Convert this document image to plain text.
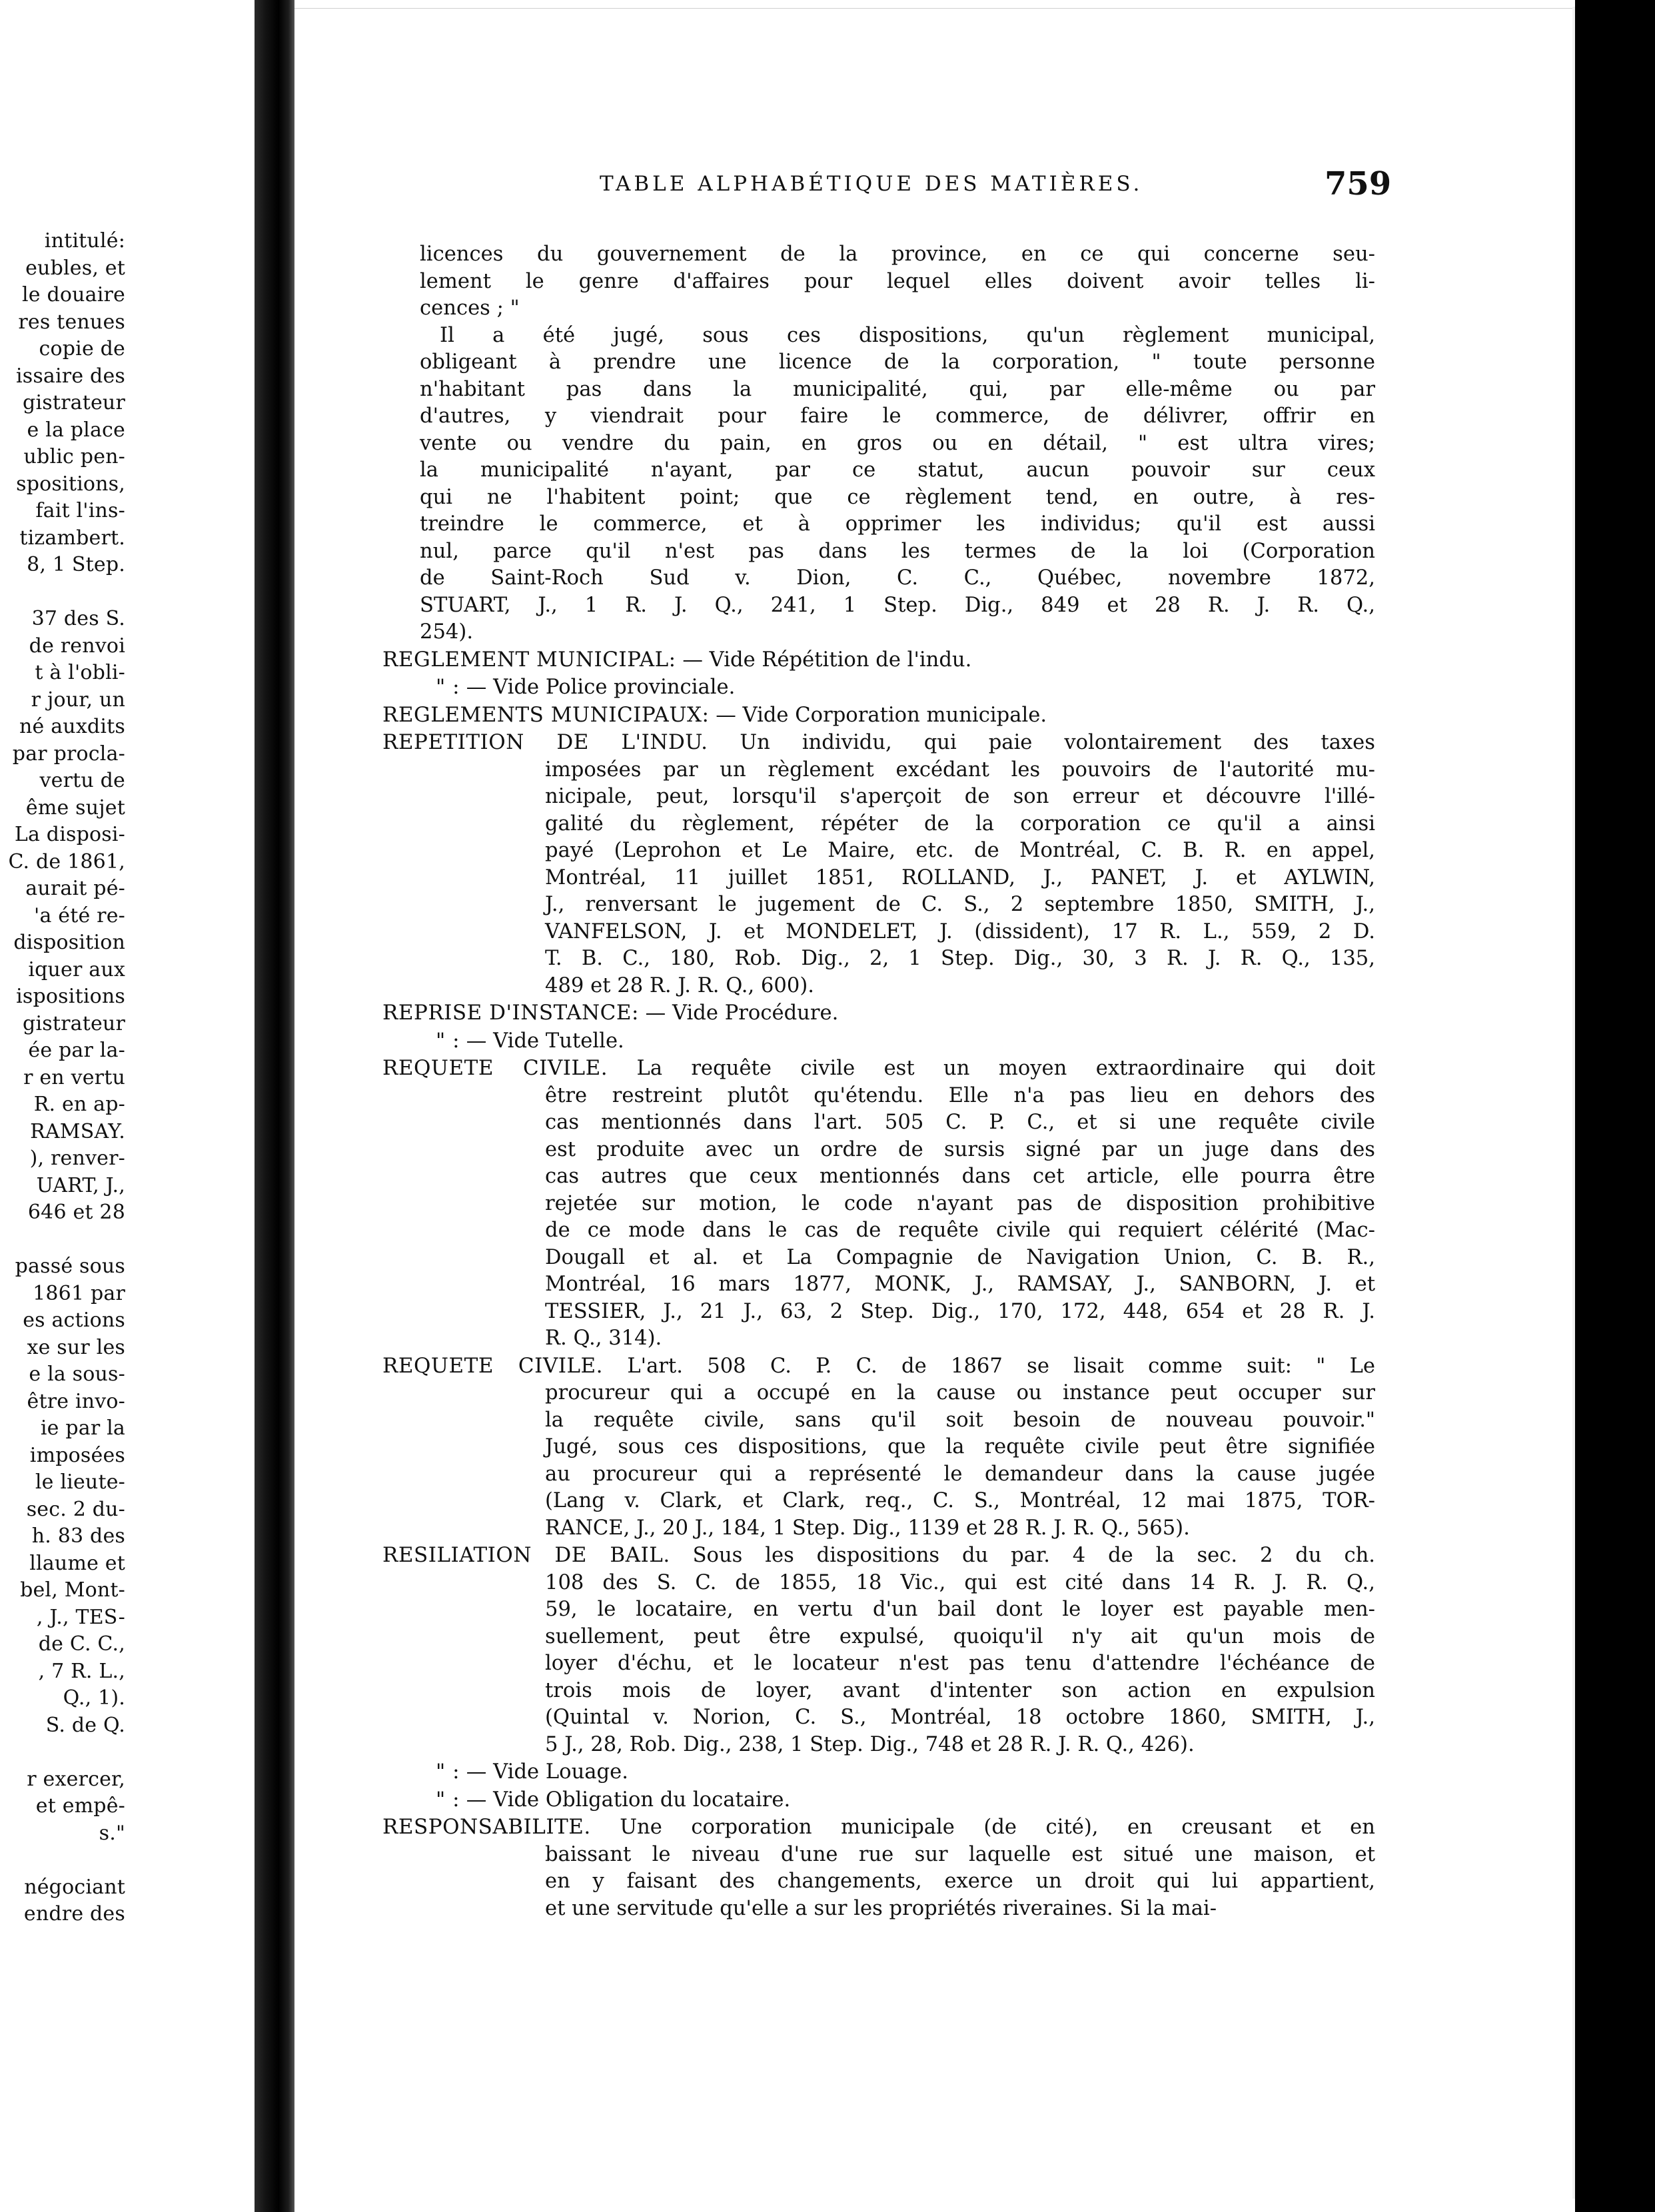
intitulé:
eubles, et
le douaire
res tenues
copie de
issaire des
gistrateur
e la place
ublic pen-
spositions,
fait l'ins-
tizambert.
8, 1 Step.
37 des S.
de renvoi
t à l'obli-
r jour, un
né auxdits
par procla-
vertu de
ême sujet
La disposi-
C. de 1861,
aurait pé-
'a été re-
disposition
iquer aux
ispositions
gistrateur
ée par la-
r en vertu
R. en ap-
RAMSAY.
), renver-
UART, J.,
646 et 28
passé sous
1861 par
es actions
xe sur les
e la sous-
être invo-
ie par la
imposées
le lieute-
sec. 2 du-
h. 83 des
llaume et
bel, Mont-
, J., TES-
de C. C.,
, 7 R. L.,
Q., 1).
S. de Q.
r exercer,
et empê-
s."
négociant
endre des
TABLE ALPHABÉTIQUE DES MATIÈRES.	759
licences du gouvernement de la province, en ce qui concerne seu-
lement le genre d'affaires pour lequel elles doivent avoir telles li-
cences ; "
Il a été jugé, sous ces dispositions, qu'un règlement municipal,
obligeant à prendre une licence de la corporation, " toute personne
n'habitant pas dans la municipalité, qui, par elle-même ou par
d'autres, y viendrait pour faire le commerce, de délivrer, offrir en
vente ou vendre du pain, en gros ou en détail, " est ultra vires;
la municipalité n'ayant, par ce statut, aucun pouvoir sur ceux
qui ne l'habitent point; que ce règlement tend, en outre, à res-
treindre le commerce, et à opprimer les individus; qu'il est aussi
nul, parce qu'il n'est pas dans les termes de la loi (Corporation
de Saint-Roch Sud v. Dion, C. C., Québec, novembre 1872,
STUART, J., 1 R. J. Q., 241, 1 Step. Dig., 849 et 28 R. J. R. Q.,
254).
REGLEMENT MUNICIPAL: — Vide Répétition de l'indu.
" : — Vide Police provinciale.
REGLEMENTS MUNICIPAUX: — Vide Corporation municipale.
REPETITION DE L'INDU. Un individu, qui paie volontairement des taxes
imposées par un règlement excédant les pouvoirs de l'autorité mu-
nicipale, peut, lorsqu'il s'aperçoit de son erreur et découvre l'illé-
galité du règlement, répéter de la corporation ce qu'il a ainsi
payé (Leprohon et Le Maire, etc. de Montréal, C. B. R. en appel,
Montréal, 11 juillet 1851, ROLLAND, J., PANET, J. et AYLWIN,
J., renversant le jugement de C. S., 2 septembre 1850, SMITH, J.,
VANFELSON, J. et MONDELET, J. (dissident), 17 R. L., 559, 2 D.
T. B. C., 180, Rob. Dig., 2, 1 Step. Dig., 30, 3 R. J. R. Q., 135,
489 et 28 R. J. R. Q., 600).
REPRISE D'INSTANCE: — Vide Procédure.
" : — Vide Tutelle.
REQUETE CIVILE. La requête civile est un moyen extraordinaire qui doit
être restreint plutôt qu'étendu. Elle n'a pas lieu en dehors des
cas mentionnés dans l'art. 505 C. P. C., et si une requête civile
est produite avec un ordre de sursis signé par un juge dans des
cas autres que ceux mentionnés dans cet article, elle pourra être
rejetée sur motion, le code n'ayant pas de disposition prohibitive
de ce mode dans le cas de requête civile qui requiert célérité (Mac-
Dougall et al. et La Compagnie de Navigation Union, C. B. R.,
Montréal, 16 mars 1877, MONK, J., RAMSAY, J., SANBORN, J. et
TESSIER, J., 21 J., 63, 2 Step. Dig., 170, 172, 448, 654 et 28 R. J.
R. Q., 314).
REQUETE CIVILE. L'art. 508 C. P. C. de 1867 se lisait comme suit: " Le
procureur qui a occupé en la cause ou instance peut occuper sur
la requête civile, sans qu'il soit besoin de nouveau pouvoir."
Jugé, sous ces dispositions, que la requête civile peut être signifiée
au procureur qui a représenté le demandeur dans la cause jugée
(Lang v. Clark, et Clark, req., C. S., Montréal, 12 mai 1875, TOR-
RANCE, J., 20 J., 184, 1 Step. Dig., 1139 et 28 R. J. R. Q., 565).
RESILIATION DE BAIL. Sous les dispositions du par. 4 de la sec. 2 du ch.
108 des S. C. de 1855, 18 Vic., qui est cité dans 14 R. J. R. Q.,
59, le locataire, en vertu d'un bail dont le loyer est payable men-
suellement, peut être expulsé, quoiqu'il n'y ait qu'un mois de
loyer d'échu, et le locateur n'est pas tenu d'attendre l'échéance de
trois mois de loyer, avant d'intenter son action en expulsion
(Quintal v. Norion, C. S., Montréal, 18 octobre 1860, SMITH, J.,
5 J., 28, Rob. Dig., 238, 1 Step. Dig., 748 et 28 R. J. R. Q., 426).
" : — Vide Louage.
" : — Vide Obligation du locataire.
RESPONSABILITE. Une corporation municipale (de cité), en creusant et en
baissant le niveau d'une rue sur laquelle est situé une maison, et
en y faisant des changements, exerce un droit qui lui appartient,
et une servitude qu'elle a sur les propriétés riveraines. Si la mai-
